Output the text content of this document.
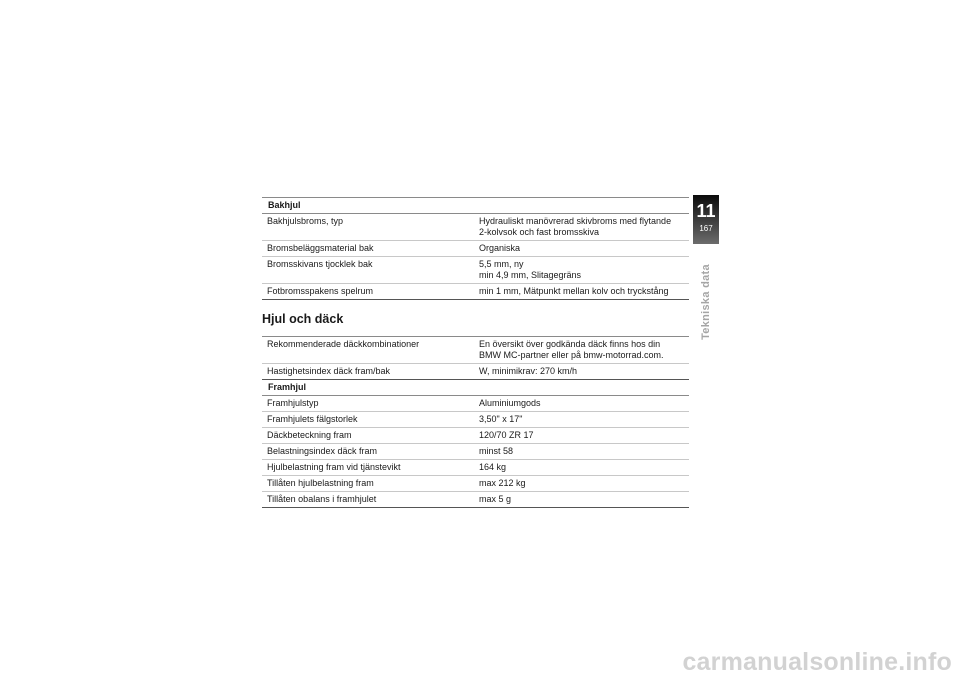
Bakhjul
Bakhjulsbroms, typ	Hydrauliskt manövrerad skivbroms med flytande
2-kolvsok och fast bromsskiva
Bromsbeläggsmaterial bak	Organiska
Bromsskivans tjocklek bak	5,5 mm, ny
min 4,9 mm, Slitagegräns
Fotbromsspakens spelrum	min 1 mm, Mätpunkt mellan kolv och tryckstång
Hjul och däck
Rekommenderade däckkombinationer	En översikt över godkända däck finns hos din
BMW MC-partner eller på bmw-motorrad.com.
Hastighetsindex däck fram/bak	W, minimikrav: 270 km/h
Framhjul
Framhjulstyp	Aluminiumgods
Framhjulets fälgstorlek	3,50" x 17"
Däckbeteckning fram	120/70 ZR 17
Belastningsindex däck fram	minst 58
Hjulbelastning fram vid tjänstevikt	164 kg
Tillåten hjulbelastning fram	max 212 kg
Tillåten obalans i framhjulet	max 5 g
11
167
Tekniska data
carmanualsonline.info
